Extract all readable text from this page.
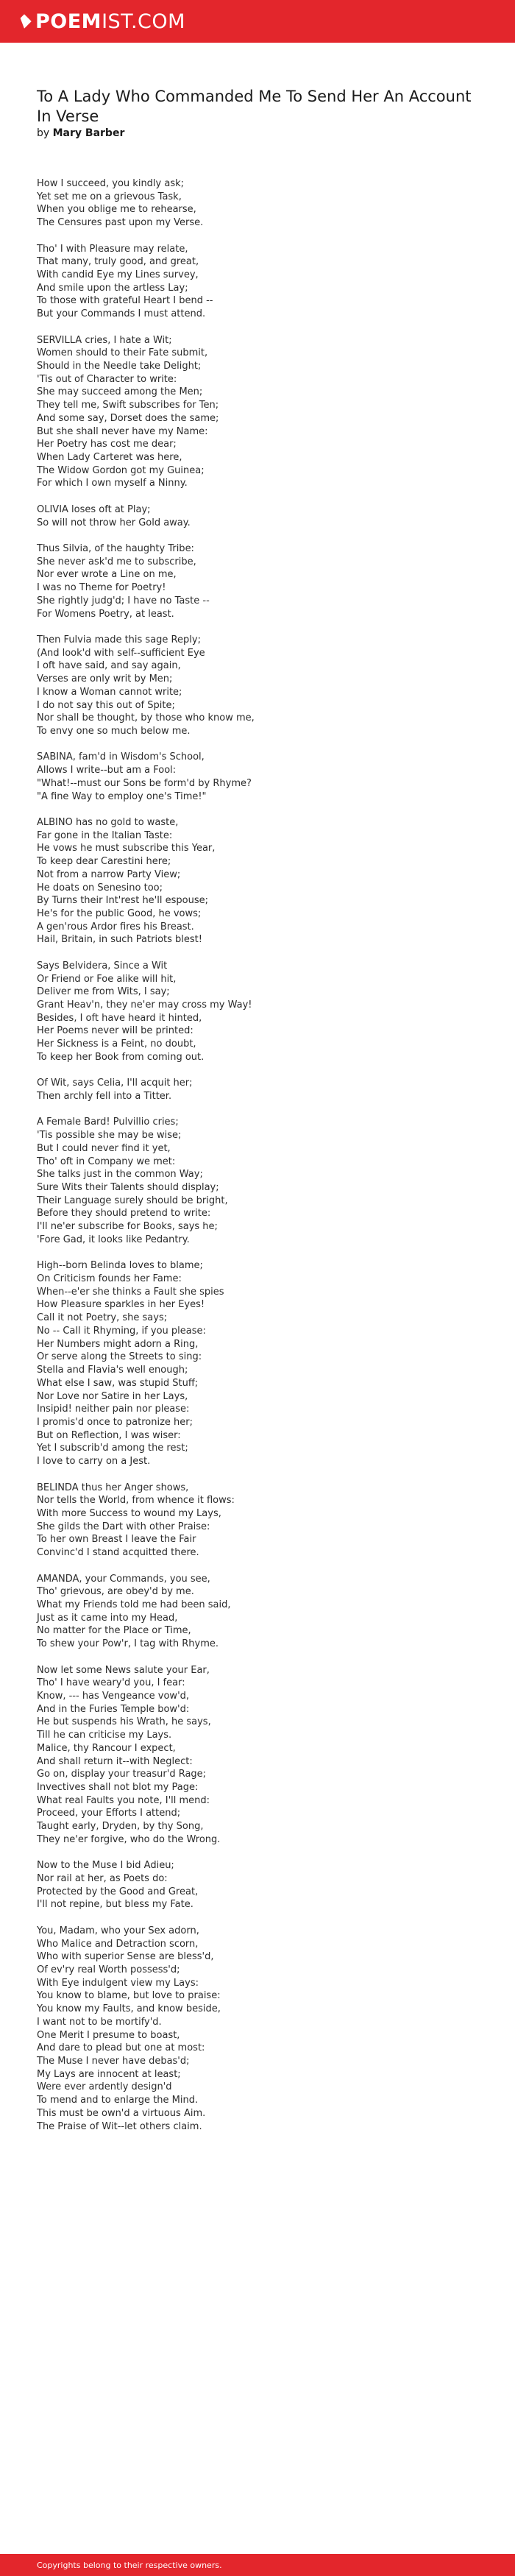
POEM IST.COM
To A Lady Who Commanded Me To Send Her An Account In Verse
by Mary Barber
How I succeed, you kindly ask;
Yet set me on a grievous Task,
When you oblige me to rehearse,
The Censures past upon my Verse.
Tho' I with Pleasure may relate,
That many, truly good, and great,
With candid Eye my Lines survey,
And smile upon the artless Lay;
To those with grateful Heart I bend --
But your Commands I must attend.
SERVILLA cries, I hate a Wit;
Women should to their Fate submit,
Should in the Needle take Delight;
'Tis out of Character to write:
She may succeed among the Men;
They tell me, Swift subscribes for Ten;
And some say, Dorset does the same;
But she shall never have my Name:
Her Poetry has cost me dear;
When Lady Carteret was here,
The Widow Gordon got my Guinea;
For which I own myself a Ninny.
OLIVIA loses oft at Play;
So will not throw her Gold away.
Thus Silvia, of the haughty Tribe:
She never ask'd me to subscribe,
Nor ever wrote a Line on me,
I was no Theme for Poetry!
She rightly judg'd; I have no Taste --
For Womens Poetry, at least.
Then Fulvia made this sage Reply;
(And look'd with self--sufficient Eye
I oft have said, and say again,
Verses are only writ by Men;
I know a Woman cannot write;
I do not say this out of Spite;
Nor shall be thought, by those who know me,
To envy one so much below me.
SABINA, fam'd in Wisdom's School,
Allows I write--but am a Fool:
"What!--must our Sons be form'd by Rhyme?
"A fine Way to employ one's Time!"
ALBINO has no gold to waste,
Far gone in the Italian Taste:
He vows he must subscribe this Year,
To keep dear Carestini here;
Not from a narrow Party View;
He doats on Senesino too;
By Turns their Int'rest he'll espouse;
He's for the public Good, he vows;
A gen'rous Ardor fires his Breast.
Hail, Britain, in such Patriots blest!
Says Belvidera, Since a Wit
Or Friend or Foe alike will hit,
Deliver me from Wits, I say;
Grant Heav'n, they ne'er may cross my Way!
Besides, I oft have heard it hinted,
Her Poems never will be printed:
Her Sickness is a Feint, no doubt,
To keep her Book from coming out.
Of Wit, says Celia, I'll acquit her;
Then archly fell into a Titter.
A Female Bard! Pulvillio cries;
'Tis possible she may be wise;
But I could never find it yet,
Tho' oft in Company we met:
She talks just in the common Way;
Sure Wits their Talents should display;
Their Language surely should be bright,
Before they should pretend to write:
I'll ne'er subscribe for Books, says he;
'Fore Gad, it looks like Pedantry.
High--born Belinda loves to blame;
On Criticism founds her Fame:
When--e'er she thinks a Fault she spies
How Pleasure sparkles in her Eyes!
Call it not Poetry, she says;
No -- Call it Rhyming, if you please:
Her Numbers might adorn a Ring,
Or serve along the Streets to sing:
Stella and Flavia's well enough;
What else I saw, was stupid Stuff;
Nor Love nor Satire in her Lays,
Insipid! neither pain nor please:
I promis'd once to patronize her;
But on Reflection, I was wiser:
Yet I subscrib'd among the rest;
I love to carry on a Jest.
BELINDA thus her Anger shows,
Nor tells the World, from whence it flows:
With more Success to wound my Lays,
She gilds the Dart with other Praise:
To her own Breast I leave the Fair
Convinc'd I stand acquitted there.
AMANDA, your Commands, you see,
Tho' grievous, are obey'd by me.
What my Friends told me had been said,
Just as it came into my Head,
No matter for the Place or Time,
To shew your Pow'r, I tag with Rhyme.
Now let some News salute your Ear,
Tho' I have weary'd you, I fear:
Know, --- has Vengeance vow'd,
And in the Furies Temple bow'd:
He but suspends his Wrath, he says,
Till he can criticise my Lays.
Malice, thy Rancour I expect,
And shall return it--with Neglect:
Go on, display your treasur'd Rage;
Invectives shall not blot my Page:
What real Faults you note, I'll mend:
Proceed, your Efforts I attend;
Taught early, Dryden, by thy Song,
They ne'er forgive, who do the Wrong.
Now to the Muse I bid Adieu;
Nor rail at her, as Poets do:
Protected by the Good and Great,
I'll not repine, but bless my Fate.
You, Madam, who your Sex adorn,
Who Malice and Detraction scorn,
Who with superior Sense are bless'd,
Of ev'ry real Worth possess'd;
With Eye indulgent view my Lays:
You know to blame, but love to praise:
You know my Faults, and know beside,
I want not to be mortify'd.
One Merit I presume to boast,
And dare to plead but one at most:
The Muse I never have debas'd;
My Lays are innocent at least;
Were ever ardently design'd
To mend and to enlarge the Mind.
This must be own'd a virtuous Aim.
The Praise of Wit--let others claim.
Copyrights belong to their respective owners.
